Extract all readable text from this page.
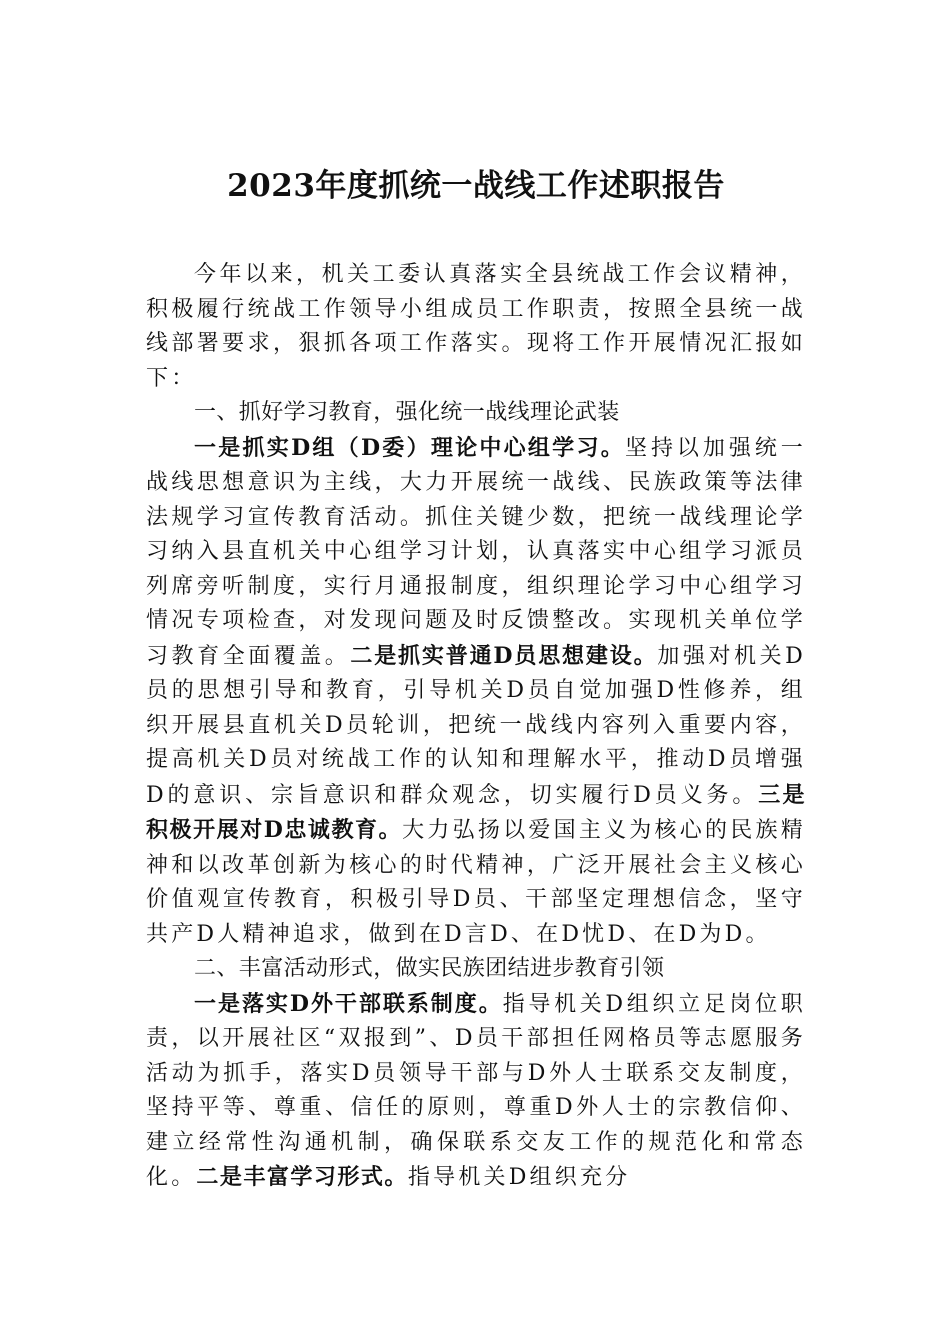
2023年度抓统一战线工作述职报告

今年以来，机关工委认真落实全县统战工作会议精神，积极履行统战工作领导小组成员工作职责，按照全县统一战线部署要求，狠抓各项工作落实。现将工作开展情况汇报如下：

一、抓好学习教育，强化统一战线理论武装

一是抓实D组（D委）理论中心组学习。坚持以加强统一战线思想意识为主线，大力开展统一战线、民族政策等法律法规学习宣传教育活动。抓住关键少数，把统一战线理论学习纳入县直机关中心组学习计划，认真落实中心组学习派员列席旁听制度，实行月通报制度，组织理论学习中心组学习情况专项检查，对发现问题及时反馈整改。实现机关单位学习教育全面覆盖。二是抓实普通D员思想建设。加强对机关D员的思想引导和教育，引导机关D员自觉加强D性修养，组织开展县直机关D员轮训，把统一战线内容列入重要内容，提高机关D员对统战工作的认知和理解水平，推动D员增强D的意识、宗旨意识和群众观念，切实履行D员义务。三是积极开展对D忠诚教育。大力弘扬以爱国主义为核心的民族精神和以改革创新为核心的时代精神，广泛开展社会主义核心价值观宣传教育，积极引导D员、干部坚定理想信念，坚守共产D人精神追求，做到在D言D、在D忧D、在D为D。

二、丰富活动形式，做实民族团结进步教育引领

一是落实D外干部联系制度。指导机关D组织立足岗位职责，以开展社区“双报到”、D员干部担任网格员等志愿服务活动为抓手，落实D员领导干部与D外人士联系交友制度，坚持平等、尊重、信任的原则，尊重D外人士的宗教信仰、建立经常性沟通机制，确保联系交友工作的规范化和常态化。二是丰富学习形式。指导机关D组织充分
